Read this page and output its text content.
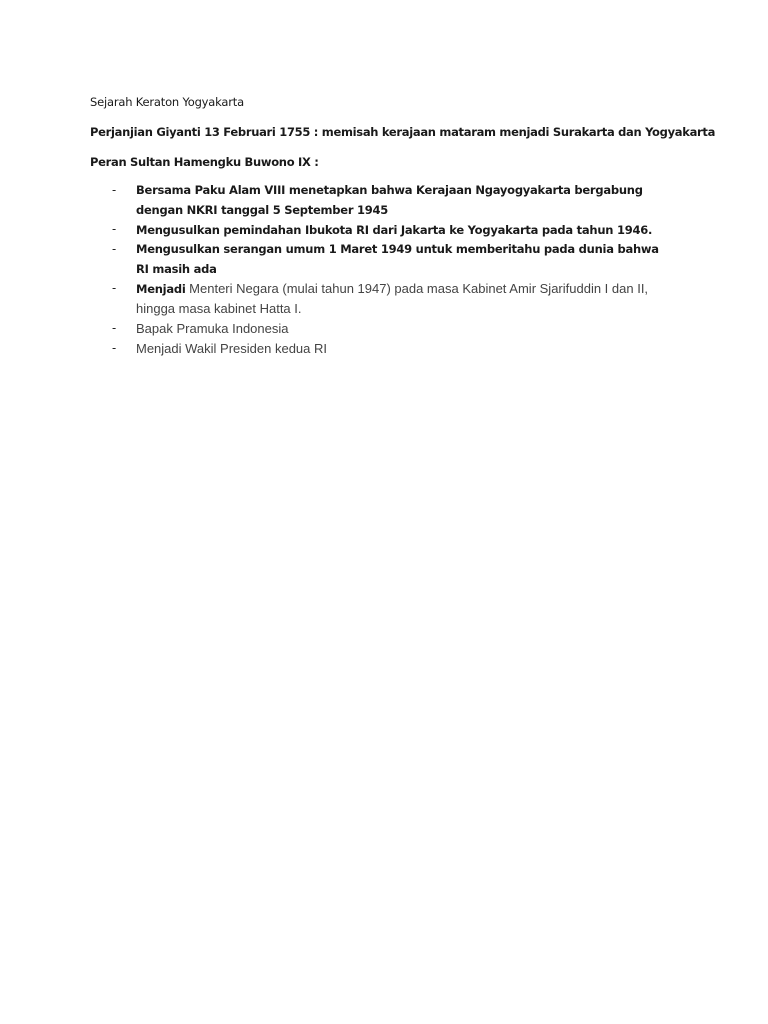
Sejarah Keraton Yogyakarta
Perjanjian Giyanti 13 Februari 1755 : memisah kerajaan mataram menjadi Surakarta dan Yogyakarta
Peran Sultan Hamengku Buwono IX :
- Bersama Paku Alam VIII menetapkan bahwa Kerajaan Ngayogyakarta bergabung dengan NKRI tanggal 5 September 1945
- Mengusulkan pemindahan Ibukota RI dari Jakarta ke Yogyakarta pada tahun 1946.
- Mengusulkan serangan umum 1 Maret 1949 untuk memberitahu pada dunia bahwa RI masih ada
- Menjadi Menteri Negara (mulai tahun 1947) pada masa Kabinet Amir Sjarifuddin I dan II, hingga masa kabinet Hatta I.
- Bapak Pramuka Indonesia
- Menjadi Wakil Presiden kedua RI
